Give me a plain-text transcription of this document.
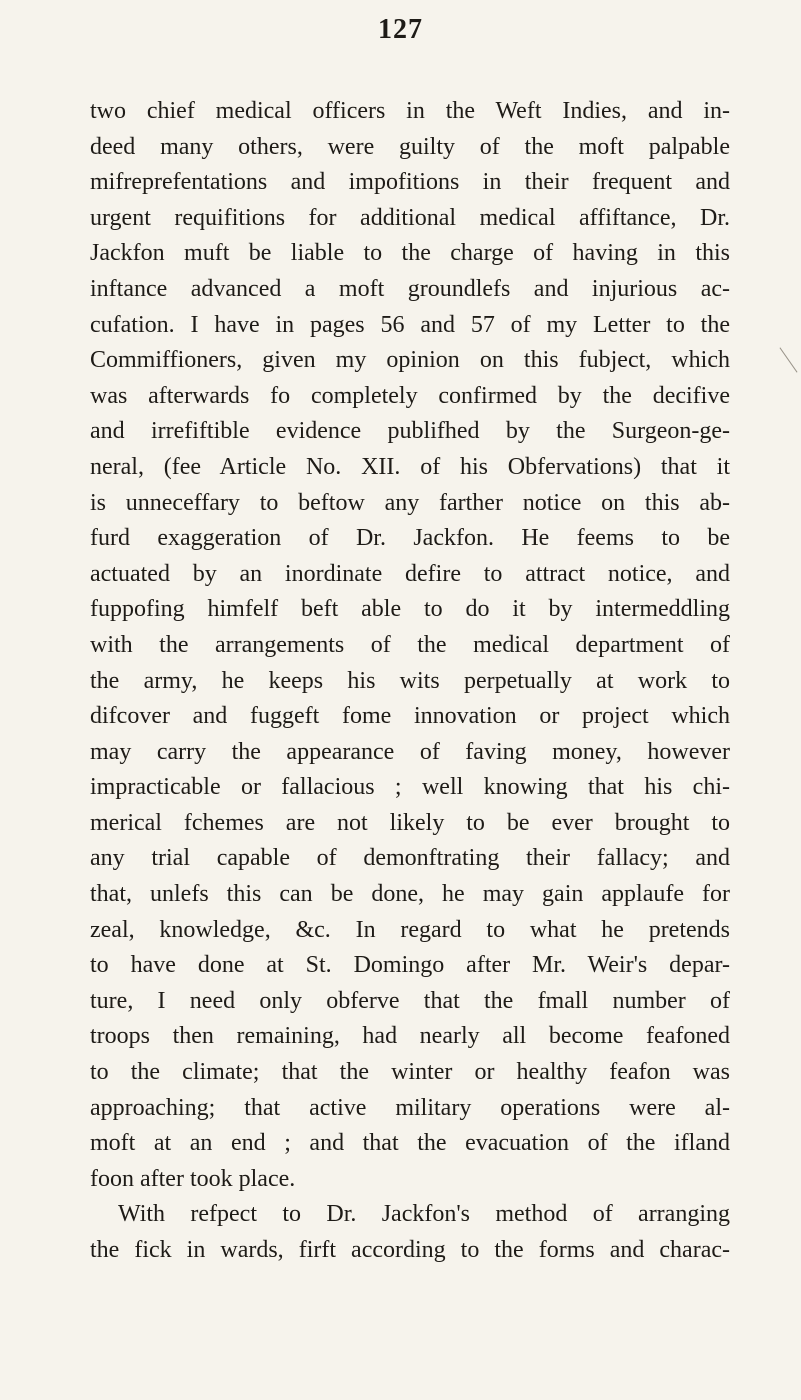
127
two chief medical officers in the Weft Indies, and in-
deed many others, were guilty of the moft palpable
mifreprefentations and impofitions in their frequent and
urgent requifitions for additional medical affiftance, Dr.
Jackfon muft be liable to the charge of having in this
inftance advanced a moft groundlefs and injurious ac-
cufation. I have in pages 56 and 57 of my Letter to the
Commiffioners, given my opinion on this fubject, which
was afterwards fo completely confirmed by the decifive
and irrefiftible evidence publifhed by the Surgeon-ge-
neral, (fee Article No. XII. of his Obfervations) that it
is unneceffary to beftow any farther notice on this ab-
furd exaggeration of Dr. Jackfon. He feems to be
actuated by an inordinate defire to attract notice, and
fuppofing himfelf beft able to do it by intermeddling
with the arrangements of the medical department of
the army, he keeps his wits perpetually at work to
difcover and fuggeft fome innovation or project which
may carry the appearance of faving money, however
impracticable or fallacious ; well knowing that his chi-
merical fchemes are not likely to be ever brought to
any trial capable of demonftrating their fallacy; and
that, unlefs this can be done, he may gain applaufe for
zeal, knowledge, &c. In regard to what he pretends
to have done at St. Domingo after Mr. Weir's depar-
ture, I need only obferve that the fmall number of
troops then remaining, had nearly all become feafoned
to the climate; that the winter or healthy feafon was
approaching; that active military operations were al-
moft at an end ; and that the evacuation of the ifland
foon after took place.
With refpect to Dr. Jackfon's method of arranging
the fick in wards, firft according to the forms and charac-
